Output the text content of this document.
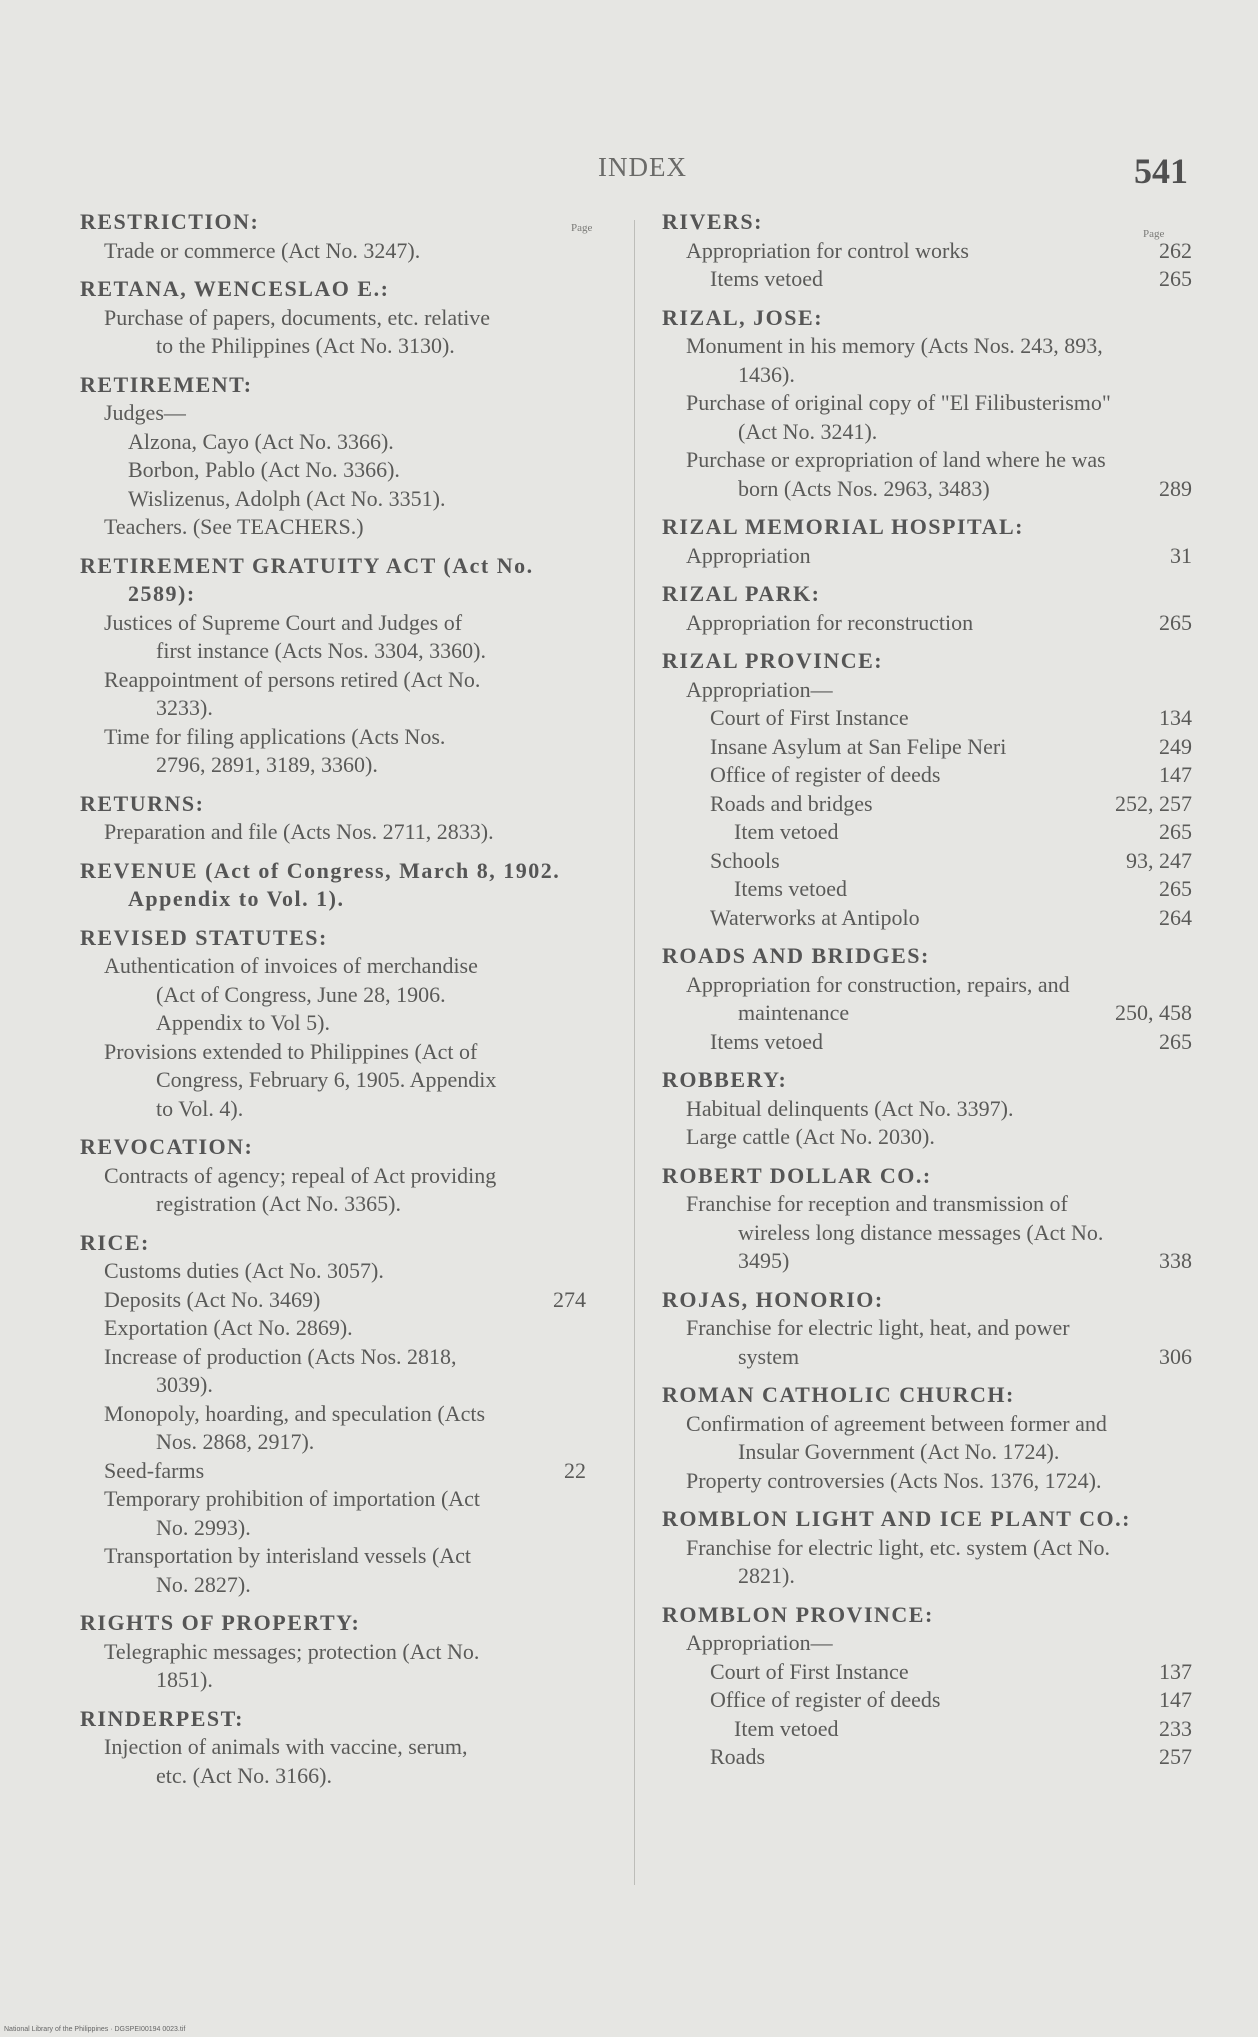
INDEX	541
Page	Page
RESTRICTION:
Trade or commerce (Act No. 3247).
RETANA, WENCESLAO E.:
Purchase of papers, documents, etc. relative to the Philippines (Act No. 3130).
RETIREMENT:
Judges—
Alzona, Cayo (Act No. 3366).
Borbon, Pablo (Act No. 3366).
Wislizenus, Adolph (Act No. 3351).
Teachers. (See TEACHERS.)
RETIREMENT GRATUITY ACT (Act No. 2589):
Justices of Supreme Court and Judges of first instance (Acts Nos. 3304, 3360).
Reappointment of persons retired (Act No. 3233).
Time for filing applications (Acts Nos. 2796, 2891, 3189, 3360).
RETURNS:
Preparation and file (Acts Nos. 2711, 2833).
REVENUE (Act of Congress, March 8, 1902. Appendix to Vol. 1).
REVISED STATUTES:
Authentication of invoices of merchandise (Act of Congress, June 28, 1906. Appendix to Vol 5).
Provisions extended to Philippines (Act of Congress, February 6, 1905. Appendix to Vol. 4).
REVOCATION:
Contracts of agency; repeal of Act providing registration (Act No. 3365).
RICE:
Customs duties (Act No. 3057).
Deposits (Act No. 3469)	274
Exportation (Act No. 2869).
Increase of production (Acts Nos. 2818, 3039).
Monopoly, hoarding, and speculation (Acts Nos. 2868, 2917).
Seed-farms	22
Temporary prohibition of importation (Act No. 2993).
Transportation by interisland vessels (Act No. 2827).
RIGHTS OF PROPERTY:
Telegraphic messages; protection (Act No. 1851).
RINDERPEST:
Injection of animals with vaccine, serum, etc. (Act No. 3166).
RIVERS:
Appropriation for control works	262
Items vetoed	265
RIZAL, JOSE:
Monument in his memory (Acts Nos. 243, 893, 1436).
Purchase of original copy of "El Filibusterismo" (Act No. 3241).
Purchase or expropriation of land where he was born (Acts Nos. 2963, 3483)	289
RIZAL MEMORIAL HOSPITAL:
Appropriation	31
RIZAL PARK:
Appropriation for reconstruction	265
RIZAL PROVINCE:
Appropriation—
Court of First Instance	134
Insane Asylum at San Felipe Neri	249
Office of register of deeds	147
Roads and bridges	252, 257
Item vetoed	265
Schools	93, 247
Items vetoed	265
Waterworks at Antipolo	264
ROADS AND BRIDGES:
Appropriation for construction, repairs, and maintenance	250, 458
Items vetoed	265
ROBBERY:
Habitual delinquents (Act No. 3397).
Large cattle (Act No. 2030).
ROBERT DOLLAR CO.:
Franchise for reception and transmission of wireless long distance messages (Act No. 3495)	338
ROJAS, HONORIO:
Franchise for electric light, heat, and power system	306
ROMAN CATHOLIC CHURCH:
Confirmation of agreement between former and Insular Government (Act No. 1724).
Property controversies (Acts Nos. 1376, 1724).
ROMBLON LIGHT AND ICE PLANT CO.:
Franchise for electric light, etc. system (Act No. 2821).
ROMBLON PROVINCE:
Appropriation—
Court of First Instance	137
Office of register of deeds	147
Item vetoed	233
Roads	257
National Library of the Philippines · DGSPEI00194 0023.tif
